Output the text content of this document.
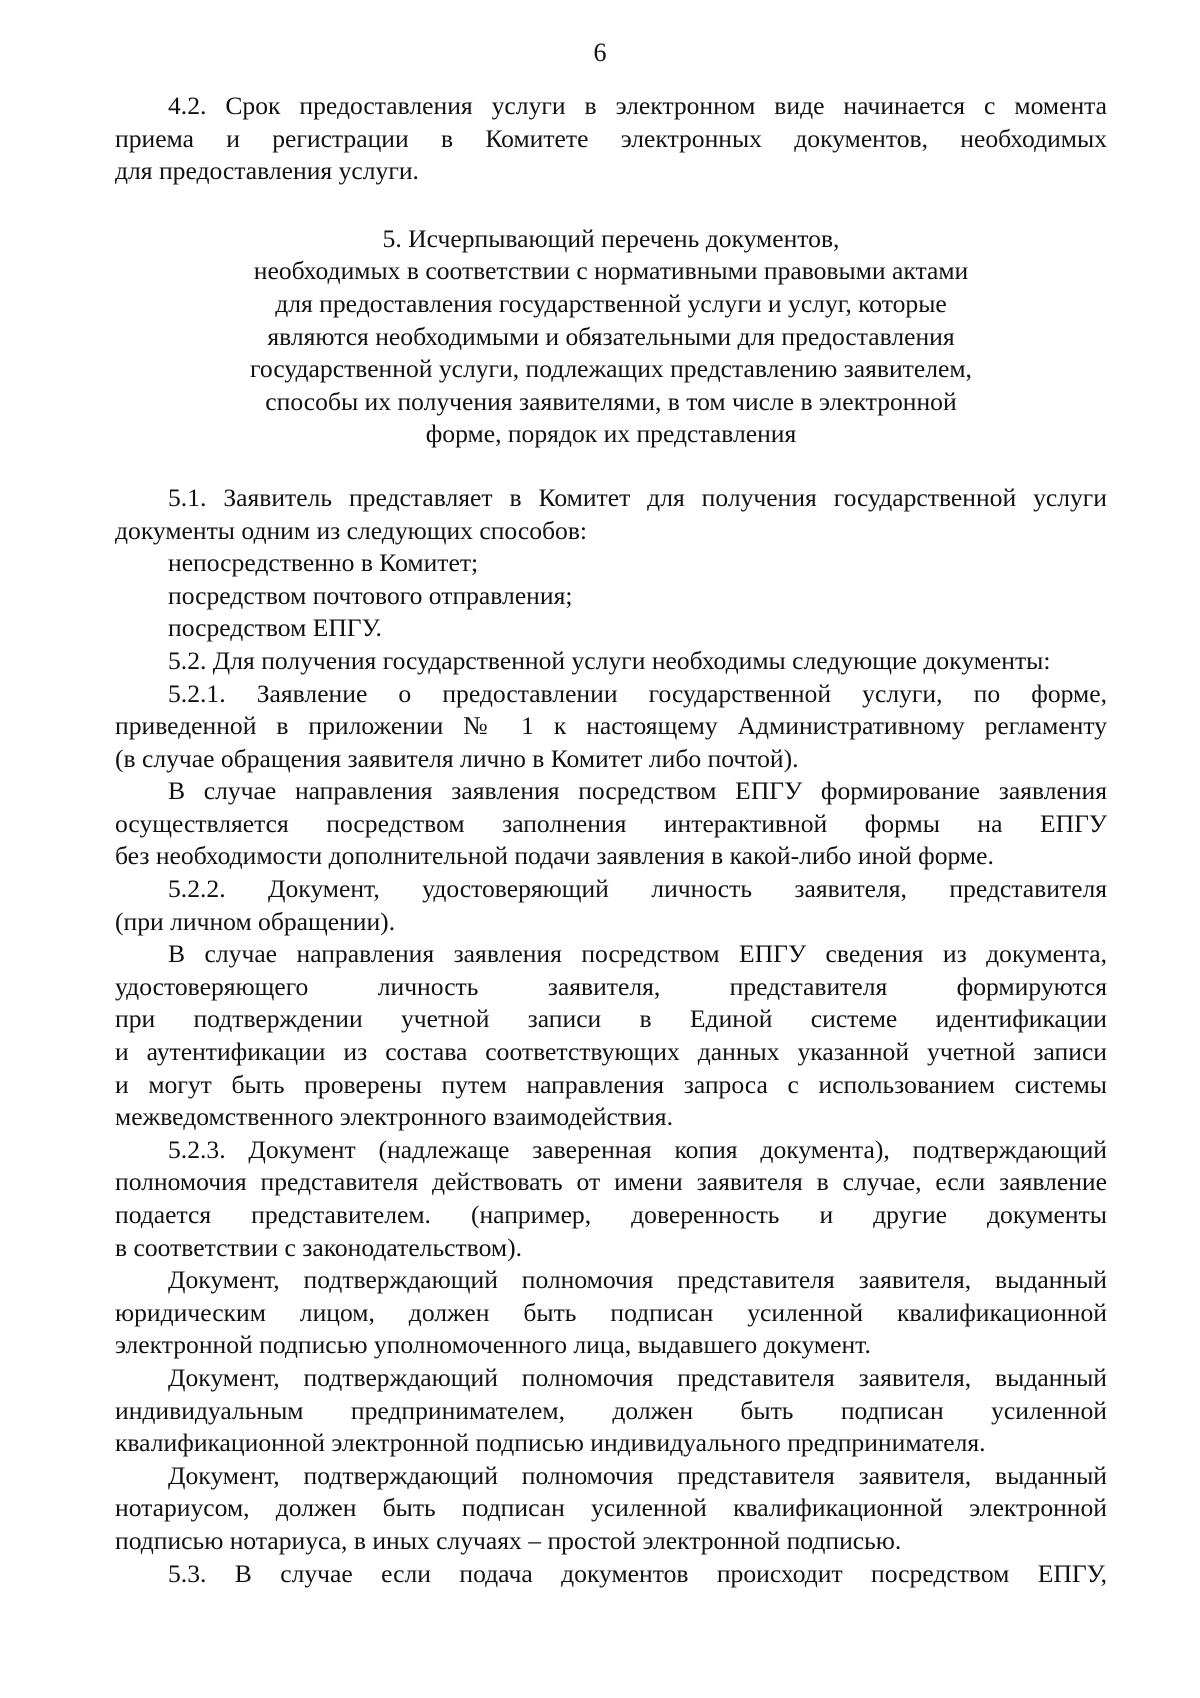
6
4.2. Срок предоставления услуги в электронном виде начинается с момента
приема и регистрации в Комитете электронных документов, необходимых
для предоставления услуги.
5. Исчерпывающий перечень документов,
необходимых в соответствии с нормативными правовыми актами
для предоставления государственной услуги и услуг, которые
являются необходимыми и обязательными для предоставления
государственной услуги, подлежащих представлению заявителем,
способы их получения заявителями, в том числе в электронной
форме, порядок их представления
5.1. Заявитель представляет в Комитет для получения государственной услуги
документы одним из следующих способов:
непосредственно в Комитет;
посредством почтового отправления;
посредством ЕПГУ.
5.2. Для получения государственной услуги необходимы следующие документы:
5.2.1. Заявление о предоставлении государственной услуги, по форме,
приведенной в приложении № 1 к настоящему Административному регламенту
(в случае обращения заявителя лично в Комитет либо почтой).
В случае направления заявления посредством ЕПГУ формирование заявления
осуществляется посредством заполнения интерактивной формы на ЕПГУ
без необходимости дополнительной подачи заявления в какой-либо иной форме.
5.2.2. Документ, удостоверяющий личность заявителя, представителя
(при личном обращении).
В случае направления заявления посредством ЕПГУ сведения из документа,
удостоверяющего личность заявителя, представителя формируются
при подтверждении учетной записи в Единой системе идентификации
и аутентификации из состава соответствующих данных указанной учетной записи
и могут быть проверены путем направления запроса с использованием системы
межведомственного электронного взаимодействия.
5.2.3. Документ (надлежаще заверенная копия документа), подтверждающий
полномочия представителя действовать от имени заявителя в случае, если заявление
подается представителем. (например, доверенность и другие документы
в соответствии с законодательством).
Документ, подтверждающий полномочия представителя заявителя, выданный
юридическим лицом, должен быть подписан усиленной квалификационной
электронной подписью уполномоченного лица, выдавшего документ.
Документ, подтверждающий полномочия представителя заявителя, выданный
индивидуальным предпринимателем, должен быть подписан усиленной
квалификационной электронной подписью индивидуального предпринимателя.
Документ, подтверждающий полномочия представителя заявителя, выданный
нотариусом, должен быть подписан усиленной квалификационной электронной
подписью нотариуса, в иных случаях – простой электронной подписью.
5.3. В случае если подача документов происходит посредством ЕПГУ,
